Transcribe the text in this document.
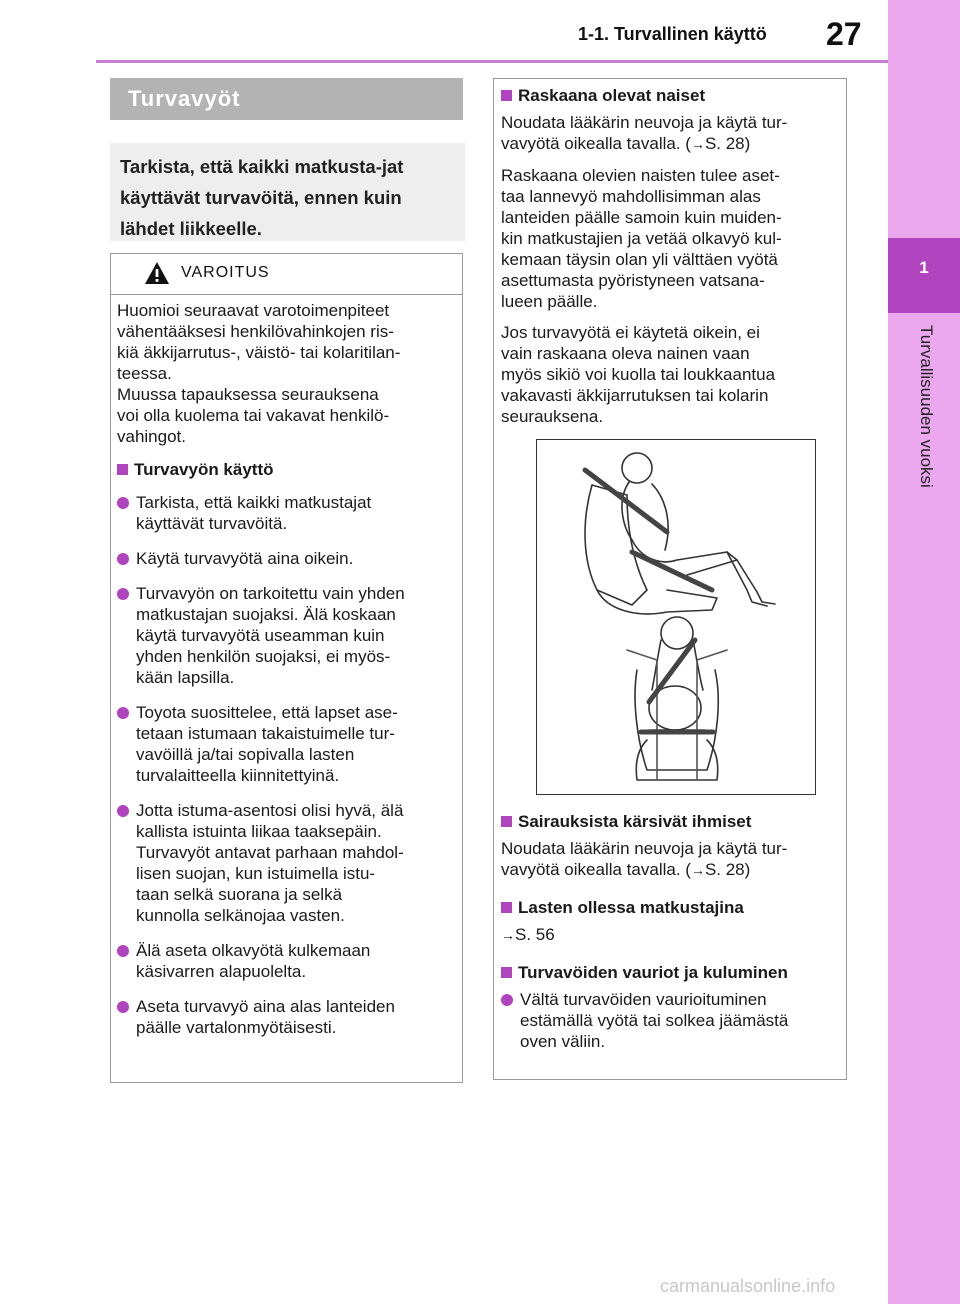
1
Turvallisuuden vuoksi
1-1. Turvallinen käyttö 27
Turvavyöt
Tarkista, että kaikki matkusta-jat käyttävät turvavöitä, ennen kuin lähdet liikkeelle.
VAROITUS
Huomioi seuraavat varotoimenpiteet
vähentääksesi henkilövahinkojen ris-
kiä äkkijarrutus-, väistö- tai kolaritilan-
teessa.
Muussa tapauksessa seurauksena
voi olla kuolema tai vakavat henkilö-
vahingot.
Turvavyön käyttö
Tarkista, että kaikki matkustajat
käyttävät turvavöitä.
Käytä turvavyötä aina oikein.
Turvavyön on tarkoitettu vain yhden
matkustajan suojaksi. Älä koskaan
käytä turvavyötä useamman kuin
yhden henkilön suojaksi, ei myös-
kään lapsilla.
Toyota suosittelee, että lapset ase-
tetaan istumaan takaistuimelle tur-
vavöillä ja/tai sopivalla lasten
turvalaitteella kiinnitettyinä.
Jotta istuma-asentosi olisi hyvä, älä
kallista istuinta liikaa taaksepäin.
Turvavyöt antavat parhaan mahdol-
lisen suojan, kun istuimella istu-
taan selkä suorana ja selkä
kunnolla selkänojaa vasten.
Älä aseta olkavyötä kulkemaan
käsivarren alapuolelta.
Aseta turvavyö aina alas lanteiden
päälle vartalonmyötäisesti.
Raskaana olevat naiset
Noudata lääkärin neuvoja ja käytä tur-
vavyötä oikealla tavalla. (→S. 28)
Raskaana olevien naisten tulee aset-
taa lannevyö mahdollisimman alas
lanteiden päälle samoin kuin muiden-
kin matkustajien ja vetää olkavyö kul-
kemaan täysin olan yli välttäen vyötä
asettumasta pyöristyneen vatsana-
lueen päälle.
Jos turvavyötä ei käytetä oikein, ei
vain raskaana oleva nainen vaan
myös sikiö voi kuolla tai loukkaantua
vakavasti äkkijarrutuksen tai kolarin
seurauksena.
Sairauksista kärsivät ihmiset
Noudata lääkärin neuvoja ja käytä tur-
vavyötä oikealla tavalla. (→S. 28)
Lasten ollessa matkustajina
→S. 56
Turvavöiden vauriot ja kuluminen
Vältä turvavöiden vaurioituminen
estämällä vyötä tai solkea jäämästä
oven väliin.
carmanualsonline.info
